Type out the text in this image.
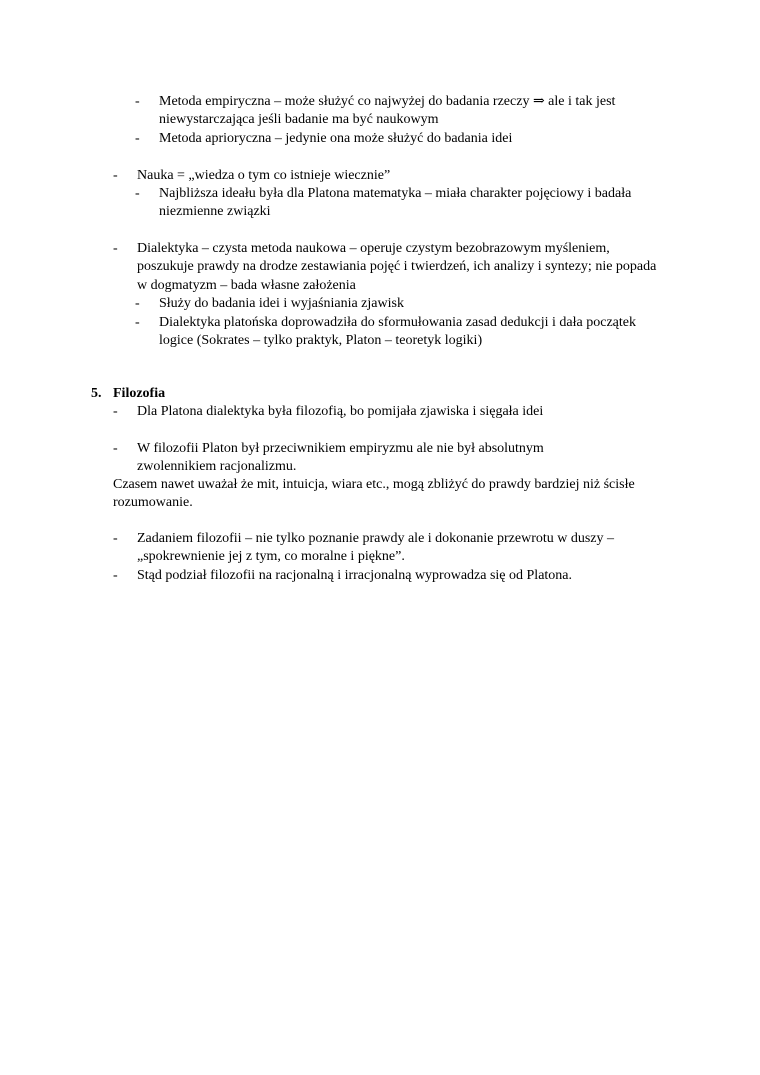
- Metoda empiryczna – może służyć co najwyżej do badania rzeczy ⇒ ale i tak jest niewystarczająca jeśli badanie ma być naukowym
- Metoda aprioryczna – jedynie ona może służyć do badania idei
- Nauka = „wiedza o tym co istnieje wiecznie”
- Najbliższa ideału była dla Platona matematyka – miała charakter pojęciowy i badała niezmienne związki
- Dialektyka – czysta metoda naukowa – operuje czystym bezobrazowym myśleniem, poszukuje prawdy na drodze zestawiania pojęć i twierdzeń, ich analizy i syntezy; nie popada w dogmatyzm – bada własne założenia
- Służy do badania idei i wyjaśniania zjawisk
- Dialektyka platońska doprowadziła do sformułowania zasad dedukcji i dała początek logice (Sokrates – tylko praktyk, Platon – teoretyk logiki)
5. Filozofia
- Dla Platona dialektyka była filozofią, bo pomijała zjawiska i sięgała idei
- W filozofii Platon był przeciwnikiem empiryzmu ale nie był absolutnym zwolennikiem racjonalizmu.

Czasem nawet uważał że mit, intuicja, wiara etc., mogą zbliżyć do prawdy bardziej niż ścisłe rozumowanie.

- Zadaniem filozofii – nie tylko poznanie prawdy ale i dokonanie przewrotu w duszy – „spokrewnienie jej z tym, co moralne i piękne”.
- Stąd podział filozofii na racjonalną i irracjonalną wyprowadza się od Platona.
